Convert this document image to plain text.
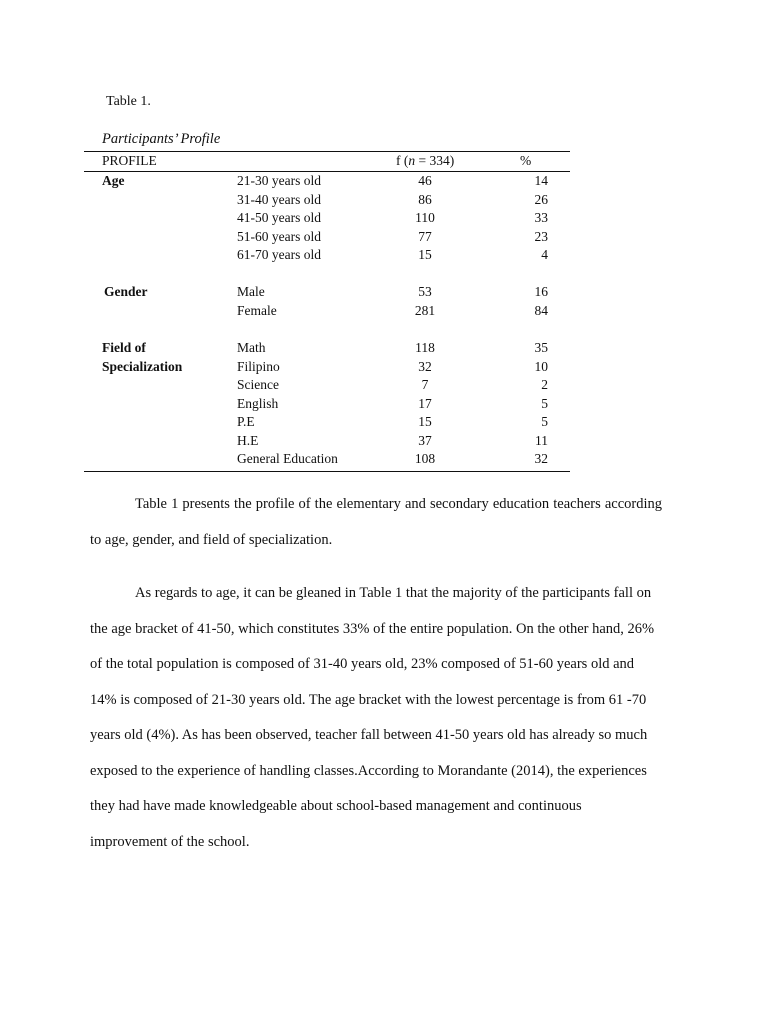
Table 1.
Participants’ Profile
PROFILE	f (n = 334)	%
Age	21-30 years old	46	14
31-40 years old	86	26
41-50 years old	110	33
51-60 years old	77	23
61-70 years old	15	4
Gender	Male	53	16
Female	281	84
Field of
Specialization
Math	118	35
Filipino	32	10
Science	7	2
English	17	5
P.E	15	5
H.E	37	11
General Education	108	32

Table 1 presents the profile of the elementary and secondary education teachers according to age, gender, and field of specialization.

As regards to age, it can be gleaned in Table 1 that the majority of the participants fall on the age bracket of 41-50, which constitutes 33% of the entire population. On the other hand, 26% of the total population is composed of 31-40 years old, 23% composed of 51-60 years old and 14% is composed of 21-30 years old. The age bracket with the lowest percentage is from 61 -70 years old (4%). As has been observed, teacher fall between 41-50 years old has already so much exposed to the experience of handling classes.According to Morandante (2014), the experiences they had have made knowledgeable about school-based management and continuous improvement of the school.
